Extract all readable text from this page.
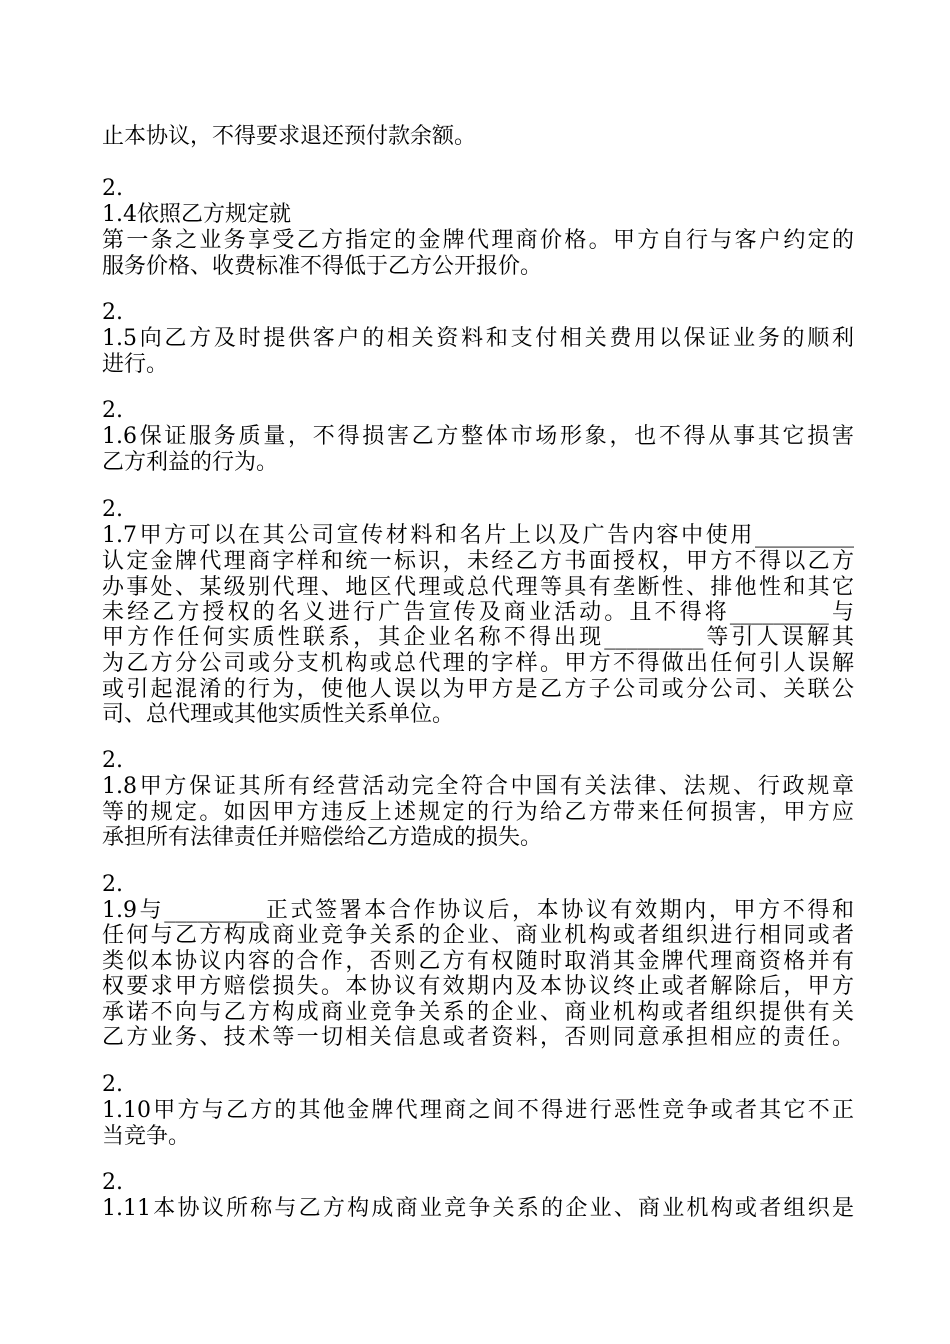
止本协议，不得要求退还预付款余额。
2.
1.4依照乙方规定就
第一条之业务享受乙方指定的金牌代理商价格。甲方自行与客户约定的
服务价格、收费标准不得低于乙方公开报价。
2.
1.5向乙方及时提供客户的相关资料和支付相关费用以保证业务的顺利
进行。
2.
1.6保证服务质量，不得损害乙方整体市场形象，也不得从事其它损害
乙方利益的行为。
2.
1.7甲方可以在其公司宣传材料和名片上以及广告内容中使用_________
认定金牌代理商字样和统一标识，未经乙方书面授权，甲方不得以乙方
办事处、某级别代理、地区代理或总代理等具有垄断性、排他性和其它
未经乙方授权的名义进行广告宣传及商业活动。且不得将_________与
甲方作任何实质性联系，其企业名称不得出现_________等引人误解其
为乙方分公司或分支机构或总代理的字样。甲方不得做出任何引人误解
或引起混淆的行为，使他人误以为甲方是乙方子公司或分公司、关联公
司、总代理或其他实质性关系单位。
2.
1.8甲方保证其所有经营活动完全符合中国有关法律、法规、行政规章
等的规定。如因甲方违反上述规定的行为给乙方带来任何损害，甲方应
承担所有法律责任并赔偿给乙方造成的损失。
2.
1.9与_________正式签署本合作协议后，本协议有效期内，甲方不得和
任何与乙方构成商业竞争关系的企业、商业机构或者组织进行相同或者
类似本协议内容的合作，否则乙方有权随时取消其金牌代理商资格并有
权要求甲方赔偿损失。本协议有效期内及本协议终止或者解除后，甲方
承诺不向与乙方构成商业竞争关系的企业、商业机构或者组织提供有关
乙方业务、技术等一切相关信息或者资料，否则同意承担相应的责任。
2.
1.10甲方与乙方的其他金牌代理商之间不得进行恶性竞争或者其它不正
当竞争。
2.
1.11本协议所称与乙方构成商业竞争关系的企业、商业机构或者组织是
